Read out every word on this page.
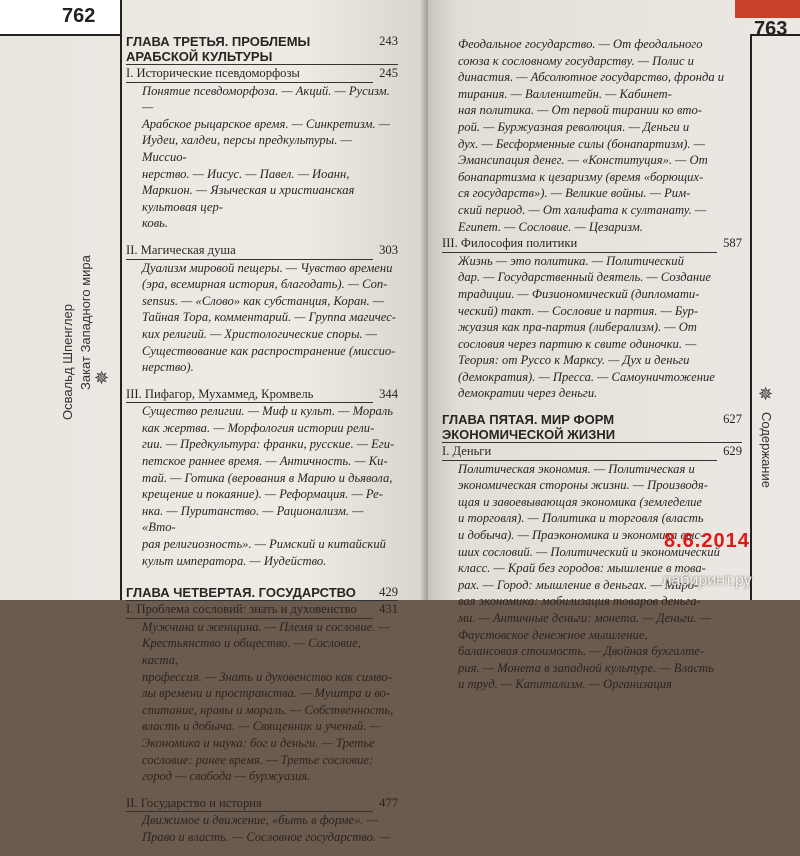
762
Освальд Шпенглер Закат Западного мира ✵
ГЛАВА ТРЕТЬЯ. ПРОБЛЕМЫ АРАБСКОЙ КУЛЬТУРЫ
243
I. Исторические псевдоморфозы	245
Понятие псевдоморфоза. — Акций. — Русизм. —
Арабское рыцарское время. — Синкретизм. —
Иудеи, халдеи, персы предкультуры. — Миссио-
нерство. — Иисус. — Павел. — Иоанн, Маркион. — Языческая и христианская культовая цер-
ковь.
II. Магическая душа	303
Дуализм мировой пещеры. — Чувство времени
(эра, всемирная история, благодать). — Con-
sensus. — «Слово» как субстанция, Коран. —
Тайная Тора, комментарий. — Группа магичес-
ких религий. — Христологические споры. —
Существование как распространение (миссио-
нерство).
III. Пифагор, Мухаммед, Кромвель	344
Существо религии. — Миф и культ. — Мораль
как жертва. — Морфология истории рели-
гии. — Предкультура: франки, русские. — Еги-
петское раннее время. — Античность. — Ки-
тай. — Готика (верования в Марию и дьявола,
крещение и покаяние). — Реформация. — Ре-
нка. — Пуританство. — Рационализм. — «Вто-
рая религиозность». — Римский и китайский
культ императора. — Иудейство.
ГЛАВА ЧЕТВЕРТАЯ. ГОСУДАРСТВО	429
I. Проблема сословий: знать и духовенство	431
Мужчина и женщина. — Племя и сословие. —
Крестьянство и общество. — Сословие, каста,
профессия. — Знать и духовенство как симво-
лы времени и пространства. — Муштра и во-
спитание, нравы и мораль. — Собственность,
власть и добыча. — Священник и ученый. —
Экономика и наука: бог и деньги. — Третье
сословие: ранее время. — Третье сословие:
город — свобода — буржуазия.
II. Государство и история	477
Движимое и движение, «быть в форме». —
Право и власть. — Сословное государство. —
763
✵
Содержание
Феодальное государство. — От феодального
союза к сословному государству. — Полис и
династия. — Абсолютное государство, фронда и тирания. — Валленштейн. — Кабинет-
ная политика. — От первой тирании ко вто-
рой. — Буржуазная революция. — Деньги и
дух. — Бесформенные силы (бонапартизм). —
Эмансипация денег. — «Конституция». — От
бонапартизма к цезаризму (время «борющих-
ся государств»). — Великие войны. — Рим-
ский период. — От халифата к султанату. —
Египет. — Сословие. — Цезаризм.
III. Философия политики	587
Жизнь — это политика. — Политический
дар. — Государственный деятель. — Создание
традиции. — Физиономический (дипломати-
ческий) такт. — Сословие и партия. — Бур-
жуазия как пра-партия (либерализм). — От
сословия через партию к свите одиночки. —
Теория: от Руссо к Марксу. — Дух и деньги
(демократия). — Пресса. — Самоуничтожение
демократии через деньги.
ГЛАВА ПЯТАЯ. МИР ФОРМ ЭКОНОМИЧЕСКОЙ ЖИЗНИ
627
I. Деньги	629
Политическая экономия. — Политическая и
экономическая стороны жизни. — Производя-
щая и завоевывающая экономика (земледелие
и торговля). — Политика и торговля (власть
и добыча). — Праэкономика и экономика выс-
ших сословий. — Политический и экономический
класс. — Край без городов: мышление в това-
рах. — Город: мышление в деньгах. — Миро-
вая экономика: мобилизация товаров деньга-
ми. — Античные деньги: монета. — Деньги. — Фаустовское денежное мышление,
балансовая стоимость. — Двойная бухгалте-
рия. — Монета в западной культуре. — Власть
и труд. — Капитализм. — Организация
8.6.2014
лабиринт.ру
